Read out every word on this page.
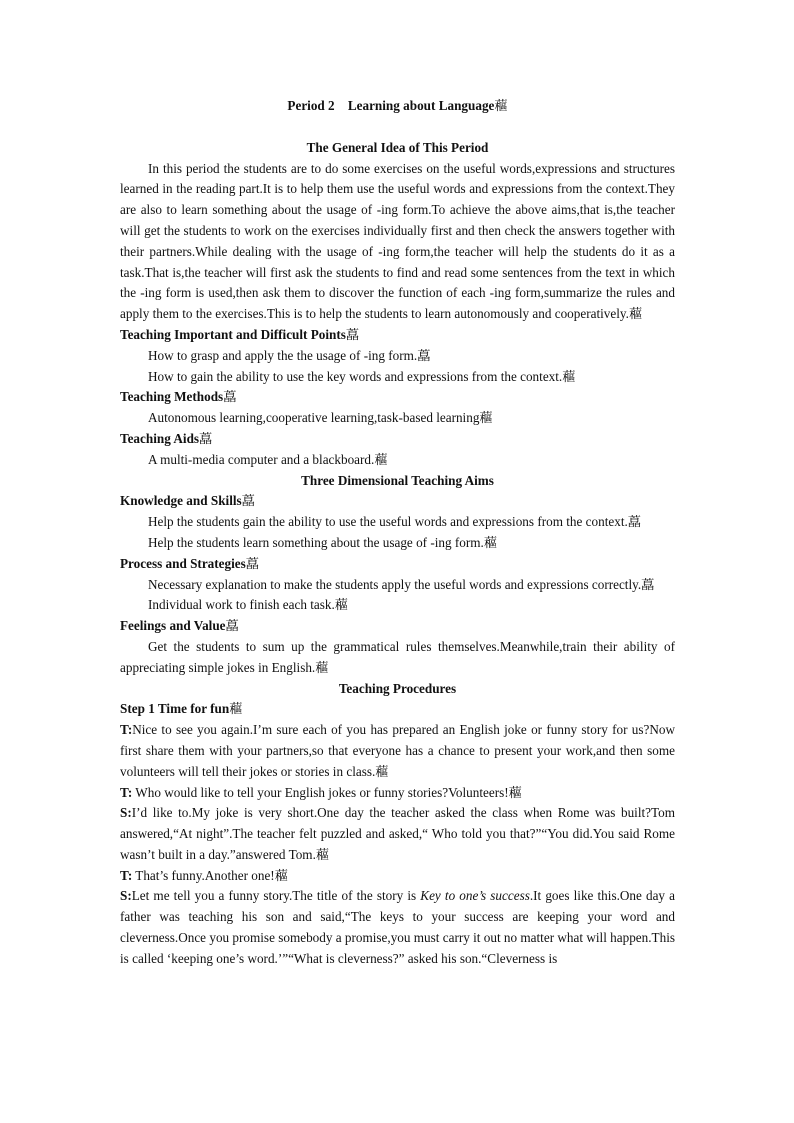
Period 2　Learning about Language藲

The General Idea of This Period

In this period the students are to do some exercises on the useful words,expressions and structures learned in the reading part.It is to help them use the useful words and expressions from the context.They are also to learn something about the usage of -ing form.To achieve the above aims,that is,the teacher will get the students to work on the exercises individually first and then check the answers together with their partners.While dealing with the usage of -ing form,the teacher will help the students do it as a task.That is,the teacher will first ask the students to find and read some sentences from the text in which the -ing form is used,then ask them to discover the function of each -ing form,summarize the rules and apply them to the exercises.This is to help the students to learn autonomously and cooperatively.藲

Teaching Important and Difficult Points藠

How to grasp and apply the the usage of -ing form.藠

How to gain the ability to use the key words and expressions from the context.藲

Teaching Methods藠

Autonomous learning,cooperative learning,task-based learning藲

Teaching Aids藠

A multi-media computer and a blackboard.藲

Three Dimensional Teaching Aims

Knowledge and Skills藠

Help the students gain the ability to use the useful words and expressions from the context.藠

Help the students learn something about the usage of -ing form.藲

Process and Strategies藠

Necessary explanation to make the students apply the useful words and expressions correctly.藠

Individual work to finish each task.藲

Feelings and Value藠

Get the students to sum up the grammatical rules themselves.Meanwhile,train their ability of appreciating simple jokes in English.藲

Teaching Procedures

Step 1 Time for fun藲

T:Nice to see you again.I’m sure each of you has prepared an English joke or funny story for us?Now first share them with your partners,so that everyone has a chance to present your work,and then some volunteers will tell their jokes or stories in class.藲

T: Who would like to tell your English jokes or funny stories?Volunteers!藲

S:I’d like to.My joke is very short.One day the teacher asked the class when Rome was built?Tom answered,“At night”.The teacher felt puzzled and asked,“ Who told you that?”“You did.You said Rome wasn’t built in a day.”answered Tom.藲

T: That’s funny.Another one!藲

S:Let me tell you a funny story.The title of the story is Key to one’s success.It goes like this.One day a father was teaching his son and said,“The keys to your success are keeping your word and cleverness.Once you promise somebody a promise,you must carry it out no matter what will happen.This is called ‘keeping one’s word.’”“What is cleverness?” asked his son.“Cleverness is
